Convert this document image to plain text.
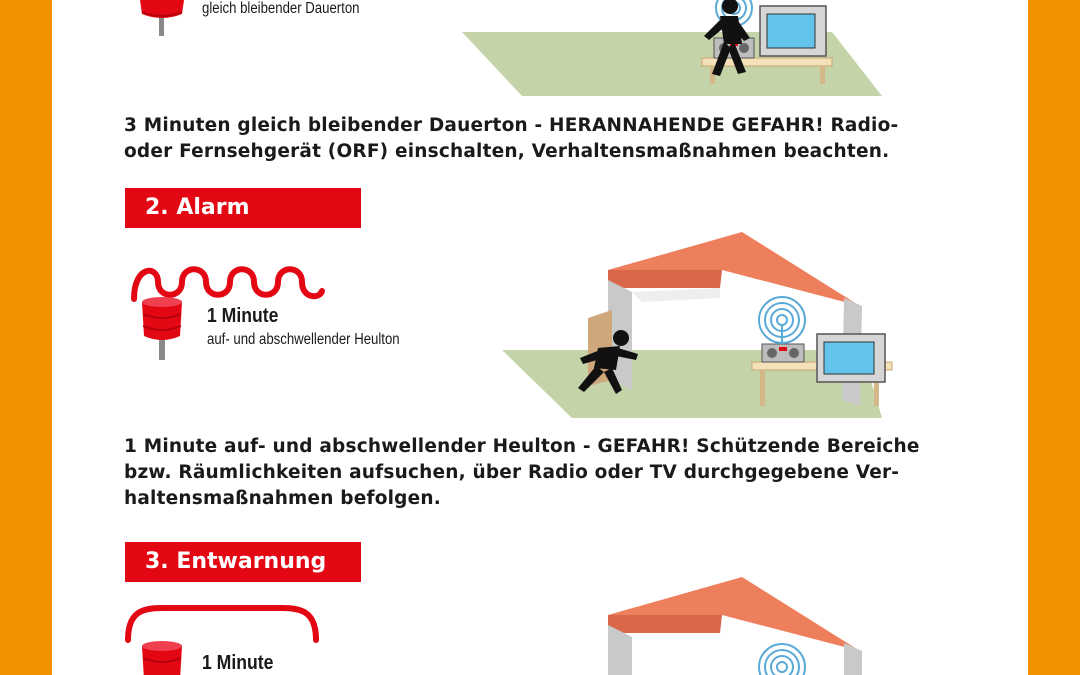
gleich bleibender Dauerton
3 Minuten gleich bleibender Dauerton - HERANNAHENDE GEFAHR! Radio-
oder Fernsehgerät (ORF) einschalten, Verhaltensmaßnahmen beachten.
2. Alarm
1 Minute
auf- und abschwellender Heulton
1 Minute auf- und abschwellender Heulton - GEFAHR! Schützende Bereiche
bzw. Räumlichkeiten aufsuchen, über Radio oder TV durchgegebene Ver-
haltensmaßnahmen befolgen.
3. Entwarnung
1 Minute
